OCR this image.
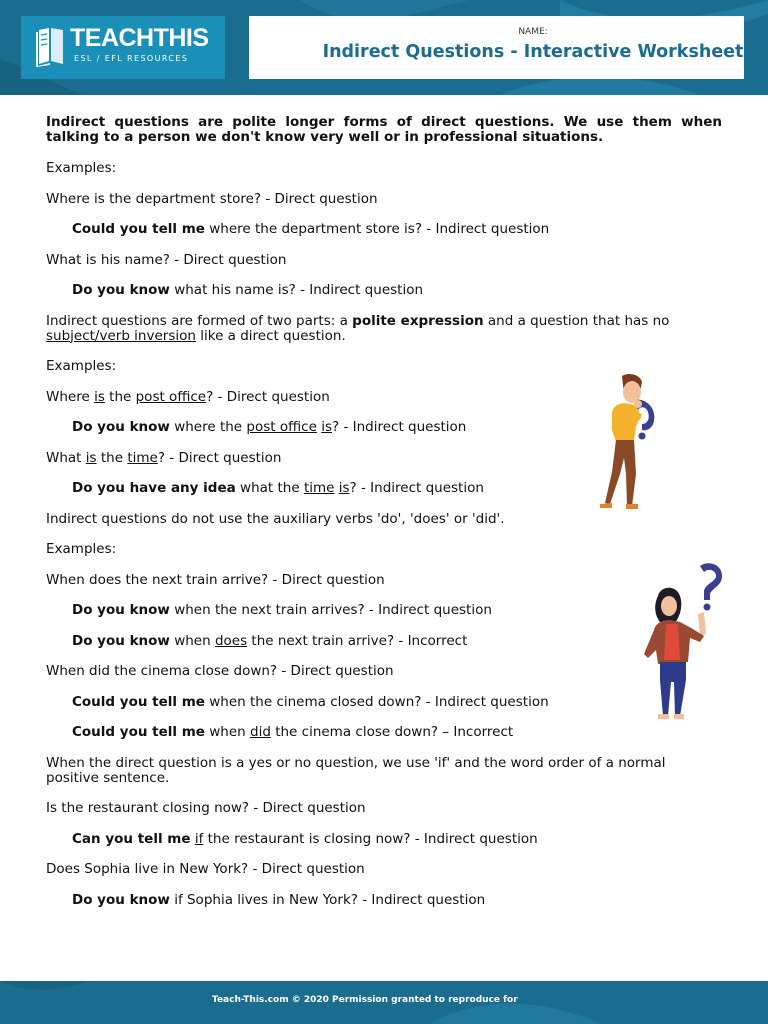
TEACHTHIS
ESL / EFL RESOURCES
NAME:
Indirect Questions - Interactive Worksheet

Indirect questions are polite longer forms of direct questions. We use them when talking to a person we don't know very well or in professional situations.

Examples:

Where is the department store? - Direct question

Could you tell me where the department store is? - Indirect question

What is his name? - Direct question

Do you know what his name is? - Indirect question

Indirect questions are formed of two parts: a polite expression and a question that has no subject/verb inversion like a direct question.

Examples:

Where is the post office? - Direct question

Do you know where the post office is? - Indirect question

What is the time? - Direct question

Do you have any idea what the time is? - Indirect question

Indirect questions do not use the auxiliary verbs 'do', 'does' or 'did'.

Examples:

When does the next train arrive? - Direct question

Do you know when the next train arrives? - Indirect question

Do you know when does the next train arrive? - Incorrect

When did the cinema close down? - Direct question

Could you tell me when the cinema closed down? - Indirect question

Could you tell me when did the cinema close down? – Incorrect

When the direct question is a yes or no question, we use 'if' and the word order of a normal positive sentence.

Is the restaurant closing now? - Direct question

Can you tell me if the restaurant is closing now? - Indirect question

Does Sophia live in New York? - Direct question

Do you know if Sophia lives in New York? - Indirect question

Teach-This.com © 2020 Permission granted to reproduce for
